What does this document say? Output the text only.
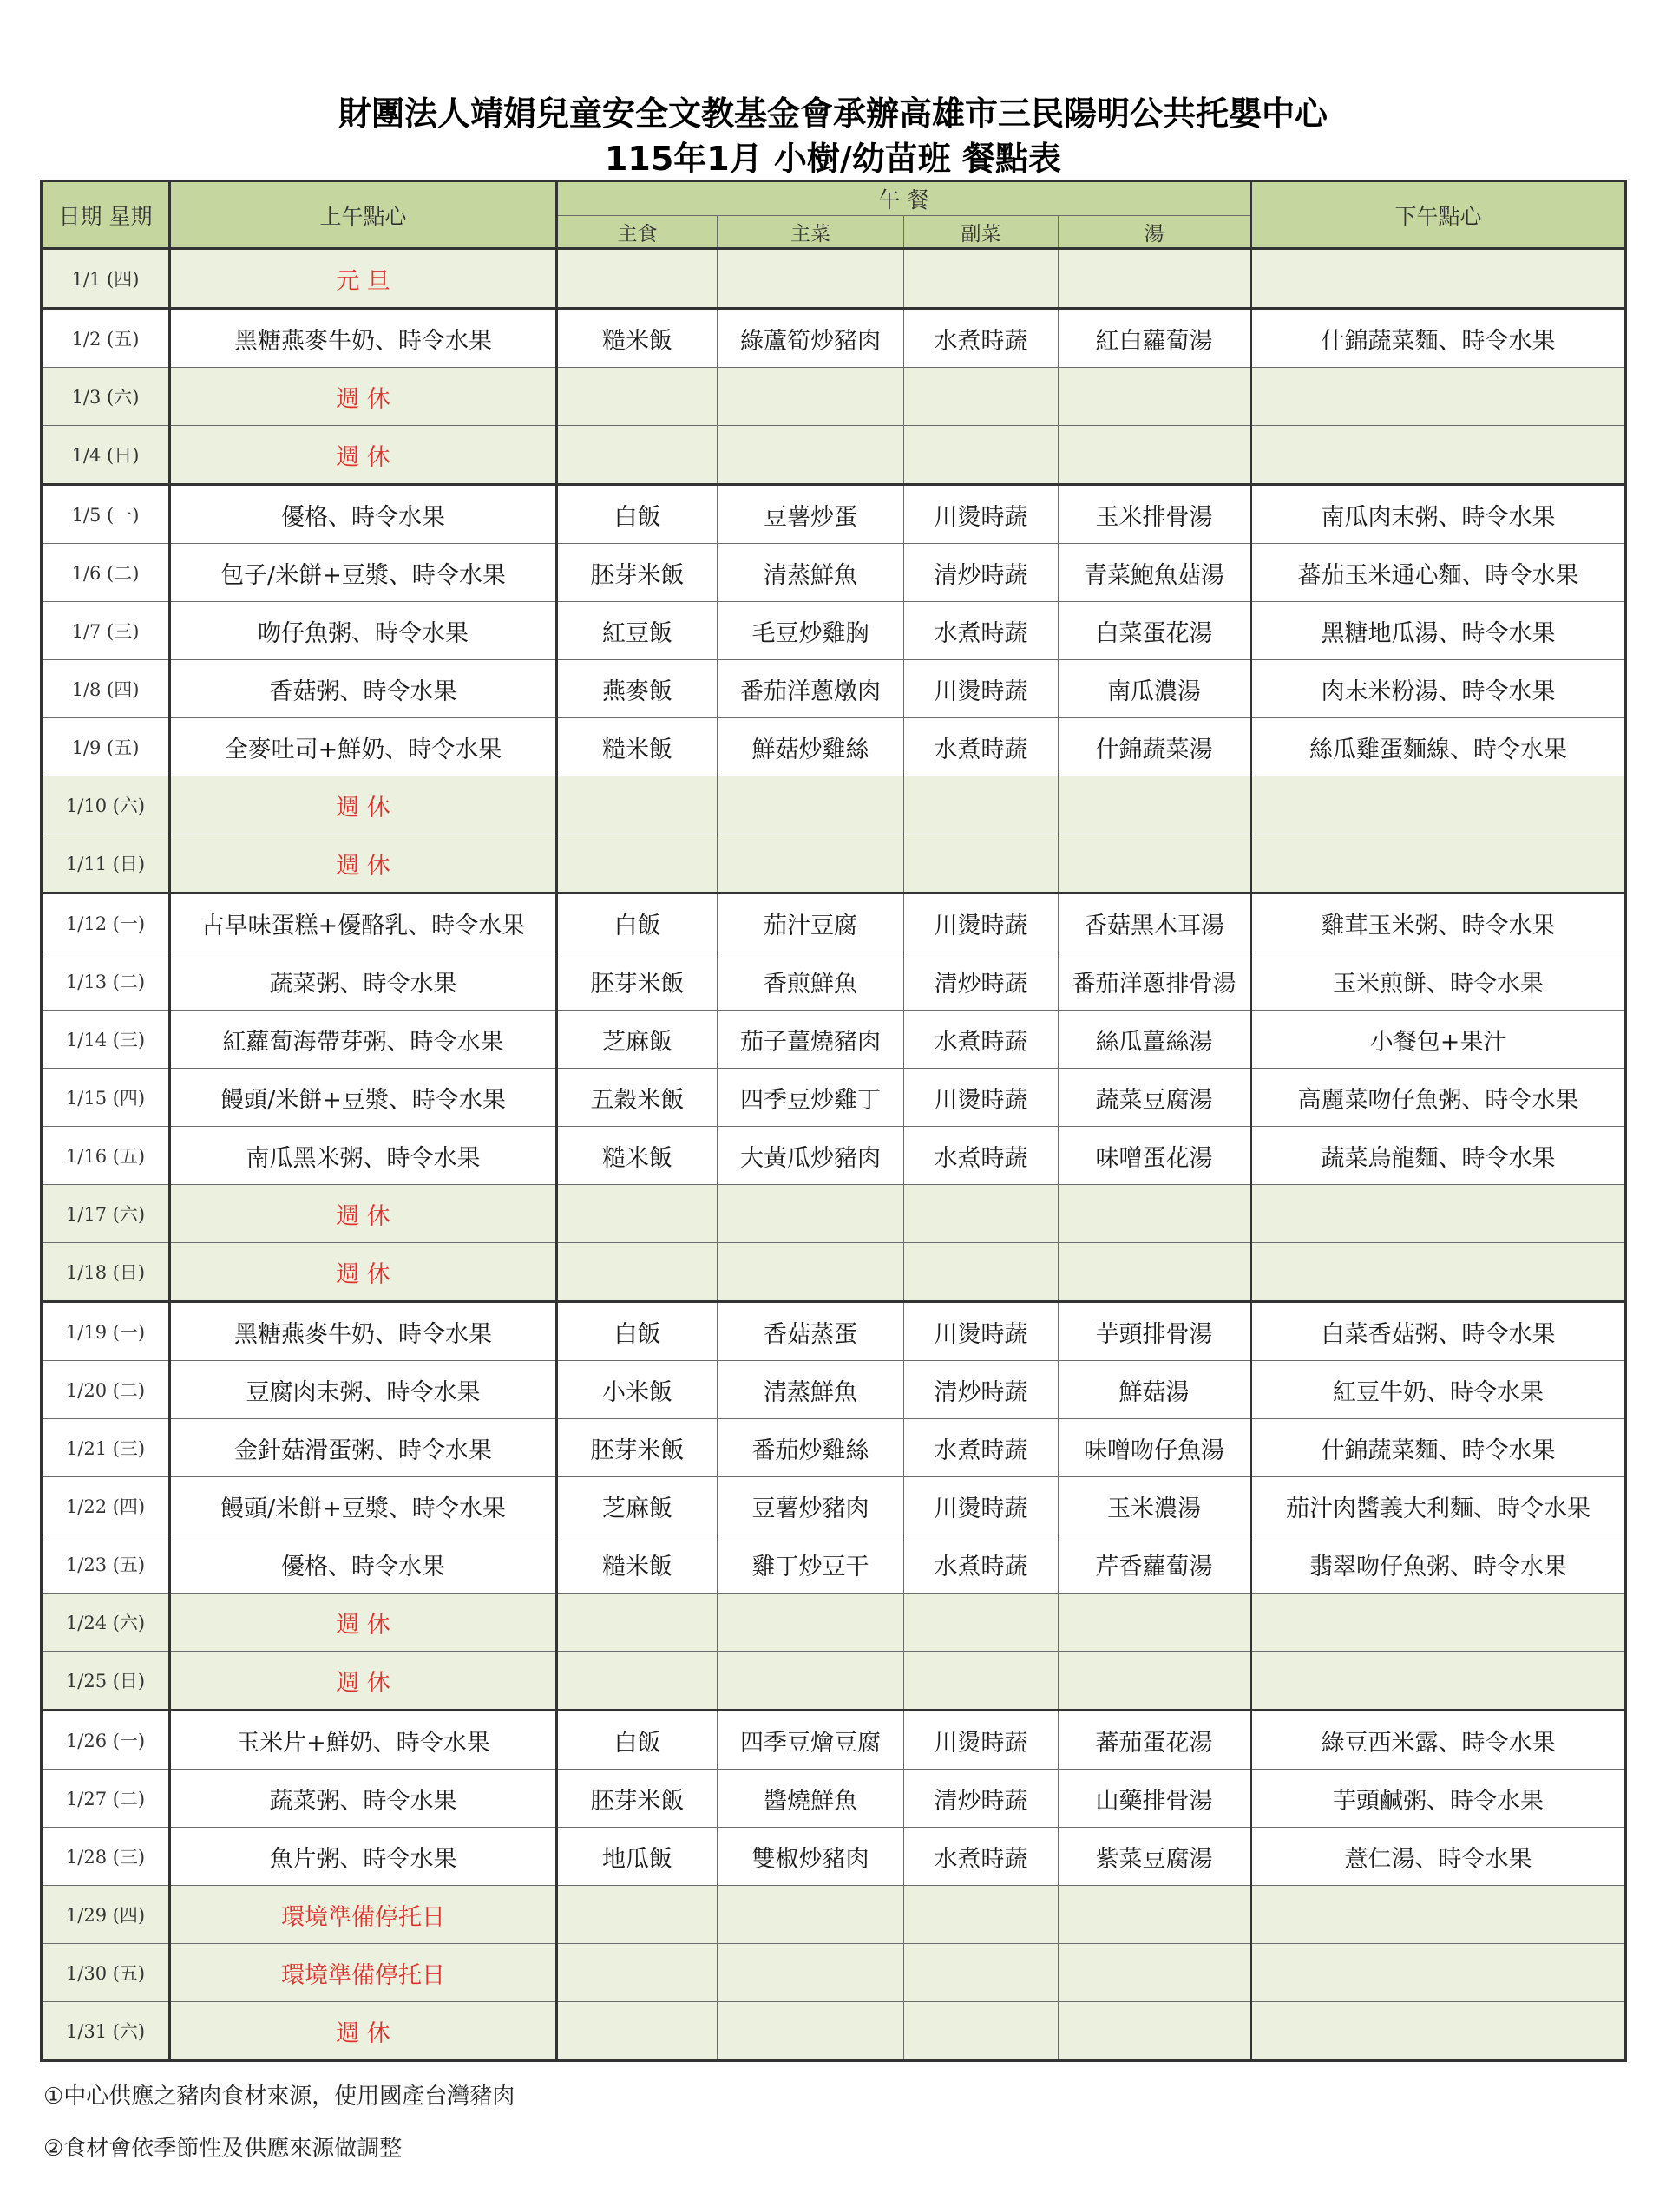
財團法人靖娟兒童安全文教基金會承辦高雄市三民陽明公共托嬰中心
115年1月 小樹/幼苗班 餐點表
日期 星期	上午點心	午 餐				下午點心
		主食	主菜	副菜	湯	
1/1 (四)	元 旦					
1/2 (五)	黑糖燕麥牛奶、時令水果	糙米飯	綠蘆筍炒豬肉	水煮時蔬	紅白蘿蔔湯	什錦蔬菜麵、時令水果
1/3 (六)	週 休					
1/4 (日)	週 休					
1/5 (一)	優格、時令水果	白飯	豆薯炒蛋	川燙時蔬	玉米排骨湯	南瓜肉末粥、時令水果
1/6 (二)	包子/米餅+豆漿、時令水果	胚芽米飯	清蒸鮮魚	清炒時蔬	青菜鮑魚菇湯	蕃茄玉米通心麵、時令水果
1/7 (三)	吻仔魚粥、時令水果	紅豆飯	毛豆炒雞胸	水煮時蔬	白菜蛋花湯	黑糖地瓜湯、時令水果
1/8 (四)	香菇粥、時令水果	燕麥飯	番茄洋蔥燉肉	川燙時蔬	南瓜濃湯	肉末米粉湯、時令水果
1/9 (五)	全麥吐司+鮮奶、時令水果	糙米飯	鮮菇炒雞絲	水煮時蔬	什錦蔬菜湯	絲瓜雞蛋麵線、時令水果
1/10 (六)	週 休					
1/11 (日)	週 休					
1/12 (一)	古早味蛋糕+優酪乳、時令水果	白飯	茄汁豆腐	川燙時蔬	香菇黑木耳湯	雞茸玉米粥、時令水果
1/13 (二)	蔬菜粥、時令水果	胚芽米飯	香煎鮮魚	清炒時蔬	番茄洋蔥排骨湯	玉米煎餅、時令水果
1/14 (三)	紅蘿蔔海帶芽粥、時令水果	芝麻飯	茄子薑燒豬肉	水煮時蔬	絲瓜薑絲湯	小餐包+果汁
1/15 (四)	饅頭/米餅+豆漿、時令水果	五穀米飯	四季豆炒雞丁	川燙時蔬	蔬菜豆腐湯	高麗菜吻仔魚粥、時令水果
1/16 (五)	南瓜黑米粥、時令水果	糙米飯	大黃瓜炒豬肉	水煮時蔬	味噌蛋花湯	蔬菜烏龍麵、時令水果
1/17 (六)	週 休					
1/18 (日)	週 休					
1/19 (一)	黑糖燕麥牛奶、時令水果	白飯	香菇蒸蛋	川燙時蔬	芋頭排骨湯	白菜香菇粥、時令水果
1/20 (二)	豆腐肉末粥、時令水果	小米飯	清蒸鮮魚	清炒時蔬	鮮菇湯	紅豆牛奶、時令水果
1/21 (三)	金針菇滑蛋粥、時令水果	胚芽米飯	番茄炒雞絲	水煮時蔬	味噌吻仔魚湯	什錦蔬菜麵、時令水果
1/22 (四)	饅頭/米餅+豆漿、時令水果	芝麻飯	豆薯炒豬肉	川燙時蔬	玉米濃湯	茄汁肉醬義大利麵、時令水果
1/23 (五)	優格、時令水果	糙米飯	雞丁炒豆干	水煮時蔬	芹香蘿蔔湯	翡翠吻仔魚粥、時令水果
1/24 (六)	週 休					
1/25 (日)	週 休					
1/26 (一)	玉米片+鮮奶、時令水果	白飯	四季豆燴豆腐	川燙時蔬	蕃茄蛋花湯	綠豆西米露、時令水果
1/27 (二)	蔬菜粥、時令水果	胚芽米飯	醬燒鮮魚	清炒時蔬	山藥排骨湯	芋頭鹹粥、時令水果
1/28 (三)	魚片粥、時令水果	地瓜飯	雙椒炒豬肉	水煮時蔬	紫菜豆腐湯	薏仁湯、時令水果
1/29 (四)	環境準備停托日					
1/30 (五)	環境準備停托日					
1/31 (六)	週 休					
①中心供應之豬肉食材來源，使用國產台灣豬肉
②食材會依季節性及供應來源做調整
